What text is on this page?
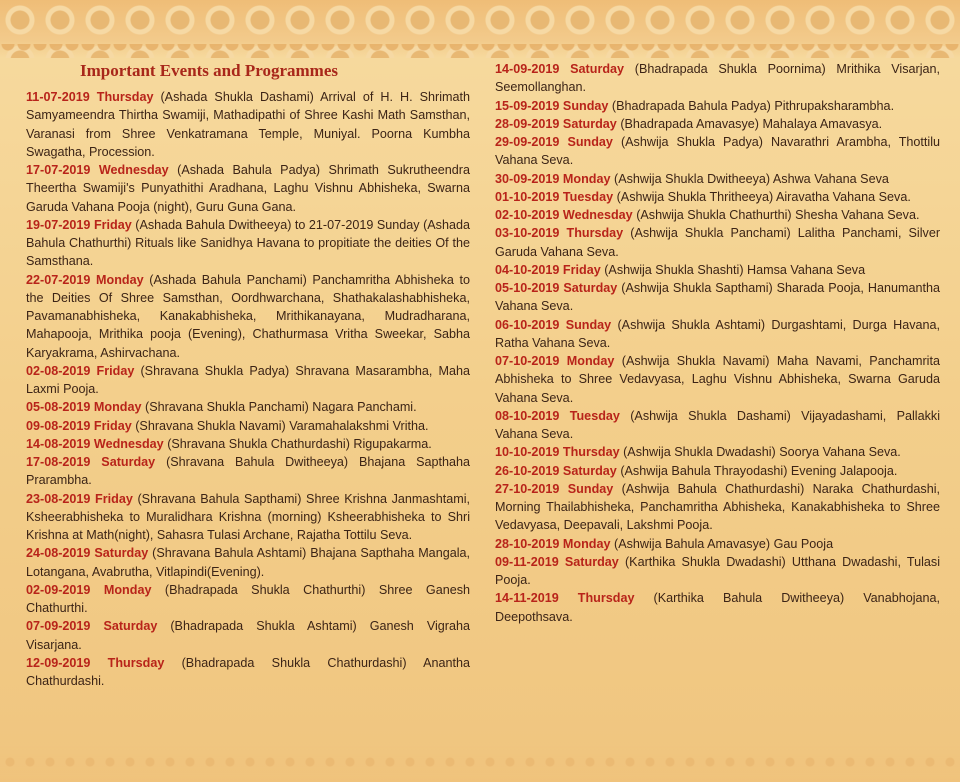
Important Events and Programmes

11-07-2019 Thursday (Ashada Shukla Dashami) Arrival of H. H. Shrimath Samyameendra Thirtha Swamiji, Mathadipathi of Shree Kashi Math Samsthan, Varanasi from Shree Venkatramana Temple, Muniyal. Poorna Kumbha Swagatha, Procession.

17-07-2019 Wednesday (Ashada Bahula Padya) Shrimath Sukrutheendra Theertha Swamiji's Punyathithi Aradhana, Laghu Vishnu Abhisheka, Swarna Garuda Vahana Pooja (night), Guru Guna Gana.

19-07-2019 Friday (Ashada Bahula Dwitheeya) to 21-07-2019 Sunday (Ashada Bahula Chathurthi) Rituals like Sanidhya Havana to propitiate the deities Of the Samsthana.

22-07-2019 Monday (Ashada Bahula Panchami) Panchamritha Abhisheka to the Deities Of Shree Samsthan, Oordhwarchana, Shathakalashabhisheka, Pavamanabhisheka, Kanakabhisheka, Mrithikanayana, Mudradharana, Mahapooja, Mrithika pooja (Evening), Chathurmasa Vritha Sweekar, Sabha Karyakrama, Ashirvachana.

02-08-2019 Friday (Shravana Shukla Padya) Shravana Masarambha, Maha Laxmi Pooja.

05-08-2019 Monday (Shravana Shukla Panchami) Nagara Panchami.

09-08-2019 Friday (Shravana Shukla Navami) Varamahalakshmi Vritha.

14-08-2019 Wednesday (Shravana Shukla Chathurdashi) Rigupakarma.

17-08-2019 Saturday (Shravana Bahula Dwitheeya) Bhajana Sapthaha Prarambha.

23-08-2019 Friday (Shravana Bahula Sapthami) Shree Krishna Janmashtami, Ksheerabhisheka to Muralidhara Krishna (morning) Ksheerabhisheka to Shri Krishna at Math(night), Sahasra Tulasi Archane, Rajatha Tottilu Seva.

24-08-2019 Saturday (Shravana Bahula Ashtami) Bhajana Sapthaha Mangala, Lotangana, Avabrutha, Vitlapindi(Evening).

02-09-2019 Monday (Bhadrapada Shukla Chathurthi) Shree Ganesh Chathurthi.

07-09-2019 Saturday (Bhadrapada Shukla Ashtami) Ganesh Vigraha Visarjana.

12-09-2019 Thursday (Bhadrapada Shukla Chathurdashi) Anantha Chathurdashi.

14-09-2019 Saturday (Bhadrapada Shukla Poornima) Mrithika Visarjan, Seemollanghan.

15-09-2019 Sunday (Bhadrapada Bahula Padya) Pithrupaksharambha.

28-09-2019 Saturday (Bhadrapada Amavasye) Mahalaya Amavasya.

29-09-2019 Sunday (Ashwija Shukla Padya) Navarathri Arambha, Thottilu Vahana Seva.

30-09-2019 Monday (Ashwija Shukla Dwitheeya) Ashwa Vahana Seva

01-10-2019 Tuesday (Ashwija Shukla Thritheeya) Airavatha Vahana Seva.

02-10-2019 Wednesday (Ashwija Shukla Chathurthi) Shesha Vahana Seva.

03-10-2019 Thursday (Ashwija Shukla Panchami) Lalitha Panchami, Silver Garuda Vahana Seva.

04-10-2019 Friday (Ashwija Shukla Shashti) Hamsa Vahana Seva

05-10-2019 Saturday (Ashwija Shukla Sapthami) Sharada Pooja, Hanumantha Vahana Seva.

06-10-2019 Sunday (Ashwija Shukla Ashtami) Durgashtami, Durga Havana, Ratha Vahana Seva.

07-10-2019 Monday (Ashwija Shukla Navami) Maha Navami, Panchamrita Abhisheka to Shree Vedavyasa, Laghu Vishnu Abhisheka, Swarna Garuda Vahana Seva.

08-10-2019 Tuesday (Ashwija Shukla Dashami) Vijayadashami, Pallakki Vahana Seva.

10-10-2019 Thursday (Ashwija Shukla Dwadashi) Soorya Vahana Seva.

26-10-2019 Saturday (Ashwija Bahula Thrayodashi) Evening Jalapooja.

27-10-2019 Sunday (Ashwija Bahula Chathurdashi) Naraka Chathurdashi, Morning Thailabhisheka, Panchamritha Abhisheka, Kanakabhisheka to Shree Vedavyasa, Deepavali, Lakshmi Pooja.

28-10-2019 Monday (Ashwija Bahula Amavasye) Gau Pooja

09-11-2019 Saturday (Karthika Shukla Dwadashi) Utthana Dwadashi, Tulasi Pooja.

14-11-2019 Thursday (Karthika Bahula Dwitheeya) Vanabhojana, Deepothsava.
